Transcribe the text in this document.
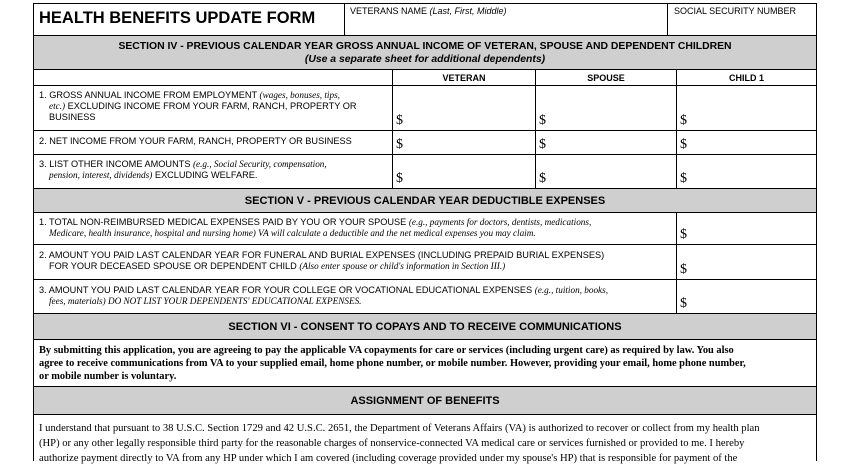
HEALTH BENEFITS UPDATE FORM	VETERANS NAME (Last, First, Middle)	SOCIAL SECURITY NUMBER
SECTION IV - PREVIOUS CALENDAR YEAR GROSS ANNUAL INCOME OF VETERAN, SPOUSE AND DEPENDENT CHILDREN
(Use a separate sheet for additional dependents)
VETERAN	SPOUSE	CHILD 1
1. GROSS ANNUAL INCOME FROM EMPLOYMENT (wages, bonuses, tips,
etc.) EXCLUDING INCOME FROM YOUR FARM, RANCH, PROPERTY OR
BUSINESS	$	$	$
2. NET INCOME FROM YOUR FARM, RANCH, PROPERTY OR BUSINESS	$	$	$
3. LIST OTHER INCOME AMOUNTS (e.g., Social Security, compensation,
pension, interest, dividends) EXCLUDING WELFARE.	$	$	$
SECTION V - PREVIOUS CALENDAR YEAR DEDUCTIBLE EXPENSES
1. TOTAL NON-REIMBURSED MEDICAL EXPENSES PAID BY YOU OR YOUR SPOUSE (e.g., payments for doctors, dentists, medications,
Medicare, health insurance, hospital and nursing home) VA will calculate a deductible and the net medical expenses you may claim.	$
2. AMOUNT YOU PAID LAST CALENDAR YEAR FOR FUNERAL AND BURIAL EXPENSES (INCLUDING PREPAID BURIAL EXPENSES)
FOR YOUR DECEASED SPOUSE OR DEPENDENT CHILD (Also enter spouse or child's information in Section III.)	$
3. AMOUNT YOU PAID LAST CALENDAR YEAR FOR YOUR COLLEGE OR VOCATIONAL EDUCATIONAL EXPENSES (e.g., tuition, books,
fees, materials) DO NOT LIST YOUR DEPENDENTS' EDUCATIONAL EXPENSES.	$
SECTION VI - CONSENT TO COPAYS AND TO RECEIVE COMMUNICATIONS
By submitting this application, you are agreeing to pay the applicable VA copayments for care or services (including urgent care) as required by law. You also
agree to receive communications from VA to your supplied email, home phone number, or mobile number. However, providing your email, home phone number,
or mobile number is voluntary.
ASSIGNMENT OF BENEFITS
I understand that pursuant to 38 U.S.C. Section 1729 and 42 U.S.C. 2651, the Department of Veterans Affairs (VA) is authorized to recover or collect from my health plan
(HP) or any other legally responsible third party for the reasonable charges of nonservice-connected VA medical care or services furnished or provided to me. I hereby
authorize payment directly to VA from any HP under which I am covered (including coverage provided under my spouse's HP) that is responsible for payment of the
